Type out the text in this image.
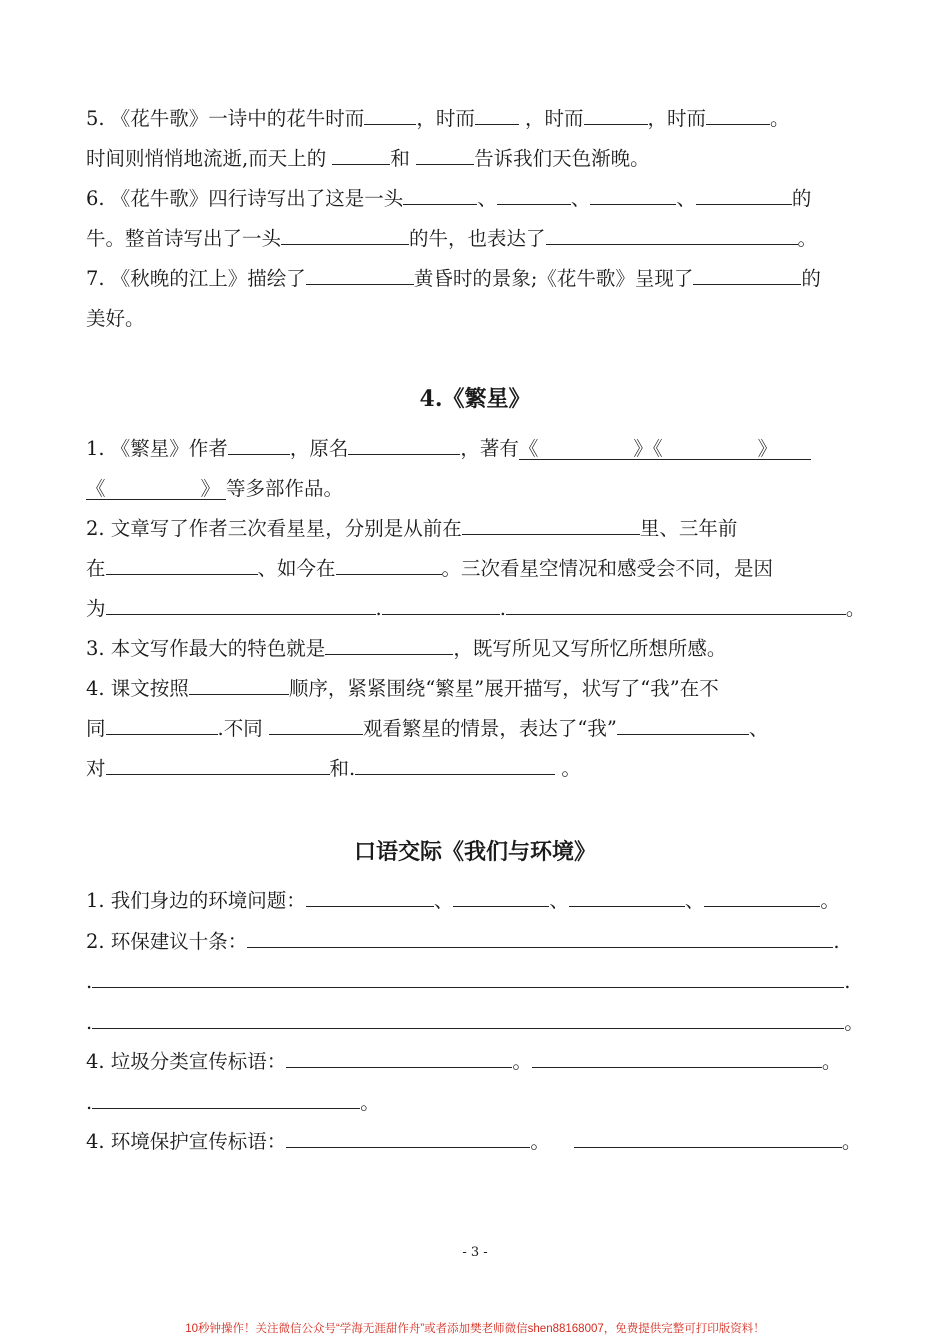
5. 《花牛歌》一诗中的花牛时而	，时而 ，时而	，时而	。
时间则悄悄地流逝,而天上的	和	告诉我们天色渐晚。
6. 《花牛歌》四行诗写出了这是一头	、	、	、	的
牛。整首诗写出了一头	的牛，也表达了	。
7. 《秋晚的江上》描绘了	黄昏时的景象;《花牛歌》呈现了	的
美好。
4.《繁星》
1. 《繁星》作者	，原名	，著有《	》《	》
《	》 等多部作品。
2. 文章写了作者三次看星星，分别是从前在	里、三年前
在	、如今在	。三次看星空情况和感受会不同，是因
为	.	.	。
3. 本文写作最大的特色就是	，既写所见又写所忆所想所感。
4. 课文按照	顺序，紧紧围绕“繁星”展开描写，状写了“我”在不
同	.不同	观看繁星的情景，表达了“我”	、
对	和.	。
口语交际《我们与环境》
1. 我们身边的环境问题：	、	、	、	。
2. 环保建议十条：	.
.	.
.	。
4. 垃圾分类宣传标语：	。	。
.	。
4. 环境保护宣传标语：	。	。
- 3 -
10秒钟操作！关注微信公众号“学海无涯甜作舟”或者添加樊老师微信shen88168007，免费提供完整可打印版资料！
